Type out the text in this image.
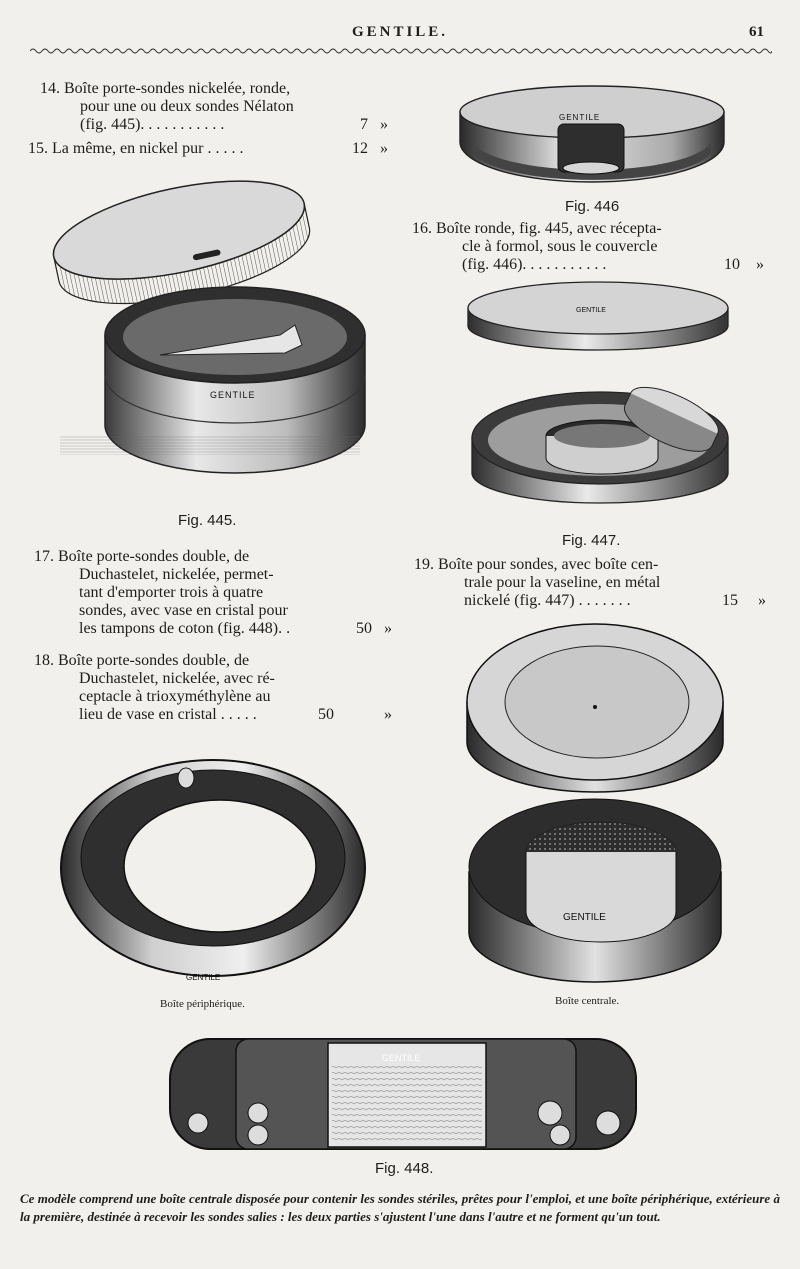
GENTILE.	61
14. Boîte porte-sondes nickelée, ronde,
pour une ou deux sondes Nélaton
(fig. 445). . . . . . . . . . .	7 »
15. La même, en nickel pur . . . . .	12 »
GENTILE
Fig. 445.
GENTILE
Fig. 446
16. Boîte ronde, fig. 445, avec récepta-
cle à formol, sous le couvercle
(fig. 446). . . . . . . . . . .	10 »
GENTILE
Fig. 447.
17. Boîte porte-sondes double, de
Duchastelet, nickelée, permet-
tant d'emporter trois à quatre
sondes, avec vase en cristal pour
les tampons de coton (fig. 448). .	50 »
18. Boîte porte-sondes double, de
Duchastelet, nickelée, avec ré-
ceptacle à trioxyméthylène au
lieu de vase en cristal . . . . .	50	»
19. Boîte pour sondes, avec boîte cen-
trale pour la vaseline, en métal
nickelé (fig. 447) . . . . . . .	15 »
GENTILE
Boîte périphérique.
GENTILE
Boîte centrale.
GENTILE
Fig. 448.
Ce modèle comprend une boîte centrale disposée pour contenir les sondes stériles, prêtes pour l'emploi, et une boîte périphérique, extérieure à la première, destinée à recevoir les sondes salies : les deux parties s'ajustent l'une dans l'autre et ne forment qu'un tout.
